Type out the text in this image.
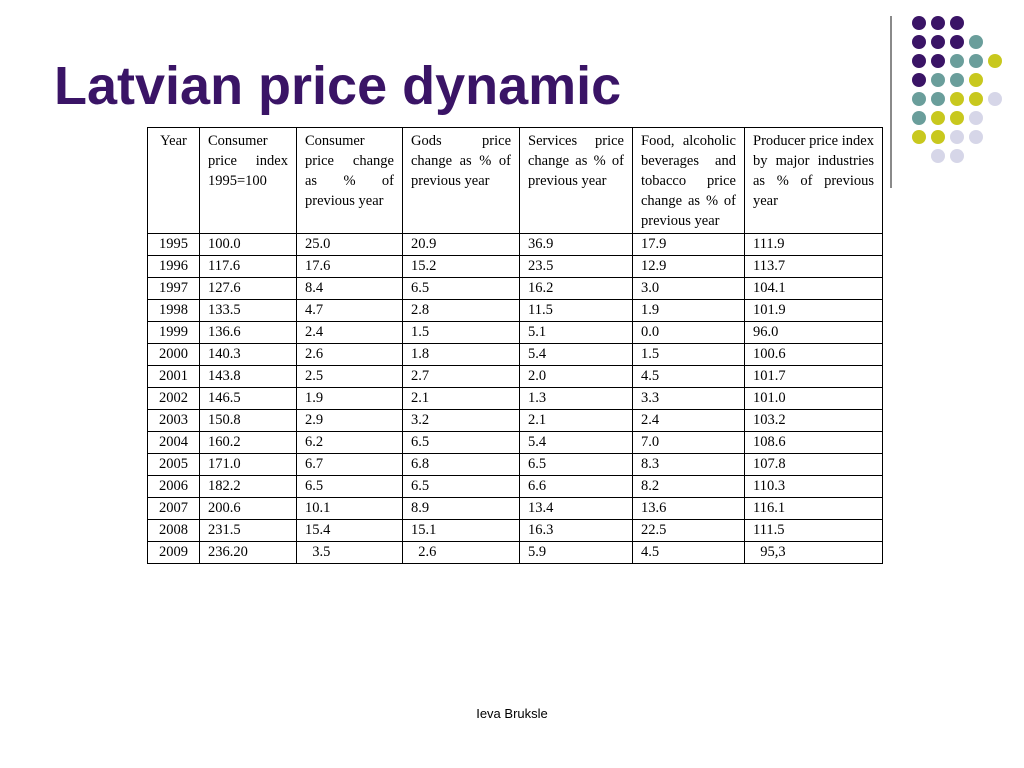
Latvian price dynamic
Year	Consumer price index 1995=100	Consumer price change as % of previous year	Gods price change as % of previous year	Services price change as % of previous year	Food, alcoholic beverages and tobacco price change as % of previous year	Producer price index by major industries as % of previous year
1995	100.0	25.0	20.9	36.9	17.9	111.9
1996	117.6	17.6	15.2	23.5	12.9	113.7
1997	127.6	8.4	6.5	16.2	3.0	104.1
1998	133.5	4.7	2.8	11.5	1.9	101.9
1999	136.6	2.4	1.5	5.1	0.0	96.0
2000	140.3	2.6	1.8	5.4	1.5	100.6
2001	143.8	2.5	2.7	2.0	4.5	101.7
2002	146.5	1.9	2.1	1.3	3.3	101.0
2003	150.8	2.9	3.2	2.1	2.4	103.2
2004	160.2	6.2	6.5	5.4	7.0	108.6
2005	171.0	6.7	6.8	6.5	8.3	107.8
2006	182.2	6.5	6.5	6.6	8.2	110.3
2007	200.6	10.1	8.9	13.4	13.6	116.1
2008	231.5	15.4	15.1	16.3	22.5	111.5
2009	236.20	3.5	2.6	5.9	4.5	95,3
Ieva Bruksle
